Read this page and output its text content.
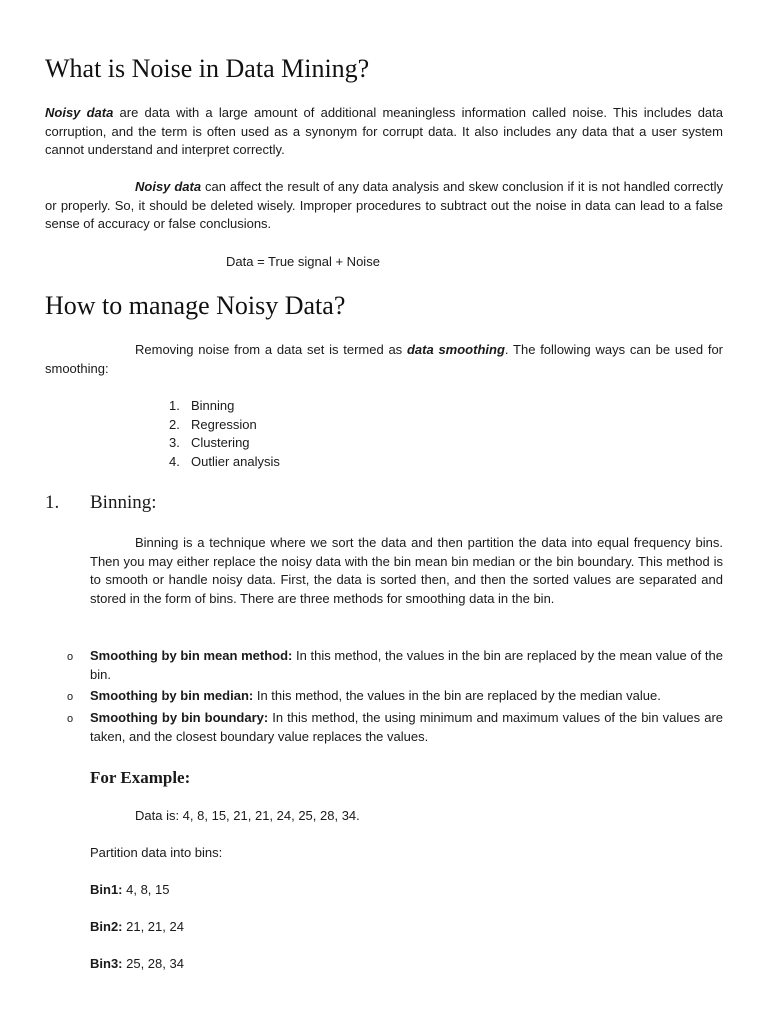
What is Noise in Data Mining?

Noisy data are data with a large amount of additional meaningless information called noise. This includes data corruption, and the term is often used as a synonym for corrupt data. It also includes any data that a user system cannot understand and interpret correctly.

Noisy data can affect the result of any data analysis and skew conclusion if it is not handled correctly or properly. So, it should be deleted wisely. Improper procedures to subtract out the noise in data can lead to a false sense of accuracy or false conclusions.

Data = True signal + Noise
How to manage Noisy Data?

Removing noise from a data set is termed as data smoothing. The following ways can be used for smoothing:

1. Binning
2. Regression
3. Clustering
4. Outlier analysis
1. Binning:

Binning is a technique where we sort the data and then partition the data into equal frequency bins. Then you may either replace the noisy data with the bin mean bin median or the bin boundary. This method is to smooth or handle noisy data. First, the data is sorted then, and then the sorted values are separated and stored in the form of bins. There are three methods for smoothing data in the bin.

o Smoothing by bin mean method: In this method, the values in the bin are replaced by the mean value of the bin.
o Smoothing by bin median: In this method, the values in the bin are replaced by the median value.
o Smoothing by bin boundary: In this method, the using minimum and maximum values of the bin values are taken, and the closest boundary value replaces the values.
For Example:
Data is: 4, 8, 15, 21, 21, 24, 25, 28, 34.
Partition data into bins:
Bin1: 4, 8, 15
Bin2: 21, 21, 24
Bin3: 25, 28, 34
